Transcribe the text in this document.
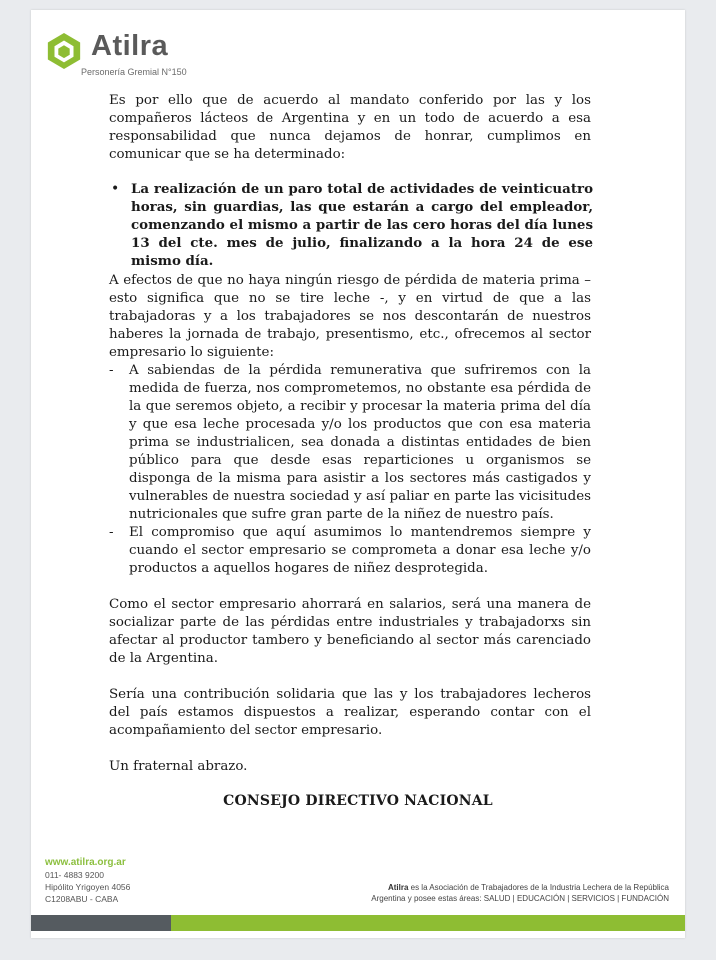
Atilra
Personería Gremial N°150
Es por ello que de acuerdo al mandato conferido por las y los compañeros lácteos de Argentina y en un todo de acuerdo a esa responsabilidad que nunca dejamos de honrar, cumplimos en comunicar que se ha determinado:
• La realización de un paro total de actividades de veinticuatro horas, sin guardias, las que estarán a cargo del empleador, comenzando el mismo a partir de las cero horas del día lunes 13 del cte. mes de julio, finalizando a la hora 24 de ese mismo día.
A efectos de que no haya ningún riesgo de pérdida de materia prima – esto significa que no se tire leche -, y en virtud de que a las trabajadoras y a los trabajadores se nos descontarán de nuestros haberes la jornada de trabajo, presentismo, etc., ofrecemos al sector empresario lo siguiente:
- A sabiendas de la pérdida remunerativa que sufriremos con la medida de fuerza, nos comprometemos, no obstante esa pérdida de la que seremos objeto, a recibir y procesar la materia prima del día y que esa leche procesada y/o los productos que con esa materia prima se industrialicen, sea donada a distintas entidades de bien público para que desde esas reparticiones u organismos se disponga de la misma para asistir a los sectores más castigados y vulnerables de nuestra sociedad y así paliar en parte las vicisitudes nutricionales que sufre gran parte de la niñez de nuestro país.
- El compromiso que aquí asumimos lo mantendremos siempre y cuando el sector empresario se comprometa a donar esa leche y/o productos a aquellos hogares de niñez desprotegida.
Como el sector empresario ahorrará en salarios, será una manera de socializar parte de las pérdidas entre industriales y trabajadorxs sin afectar al productor tambero y beneficiando al sector más carenciado de la Argentina.
Sería una contribución solidaria que las y los trabajadores lecheros del país estamos dispuestos a realizar, esperando contar con el acompañamiento del sector empresario.
Un fraternal abrazo.
CONSEJO DIRECTIVO NACIONAL
www.atilra.org.ar
011- 4883 9200
Hipólito Yrigoyen 4056
C1208ABU - CABA
Atilra es la Asociación de Trabajadores de la Industria Lechera de la República
Argentina y posee estas áreas: SALUD | EDUCACIÓN | SERVICIOS | FUNDACIÓN
